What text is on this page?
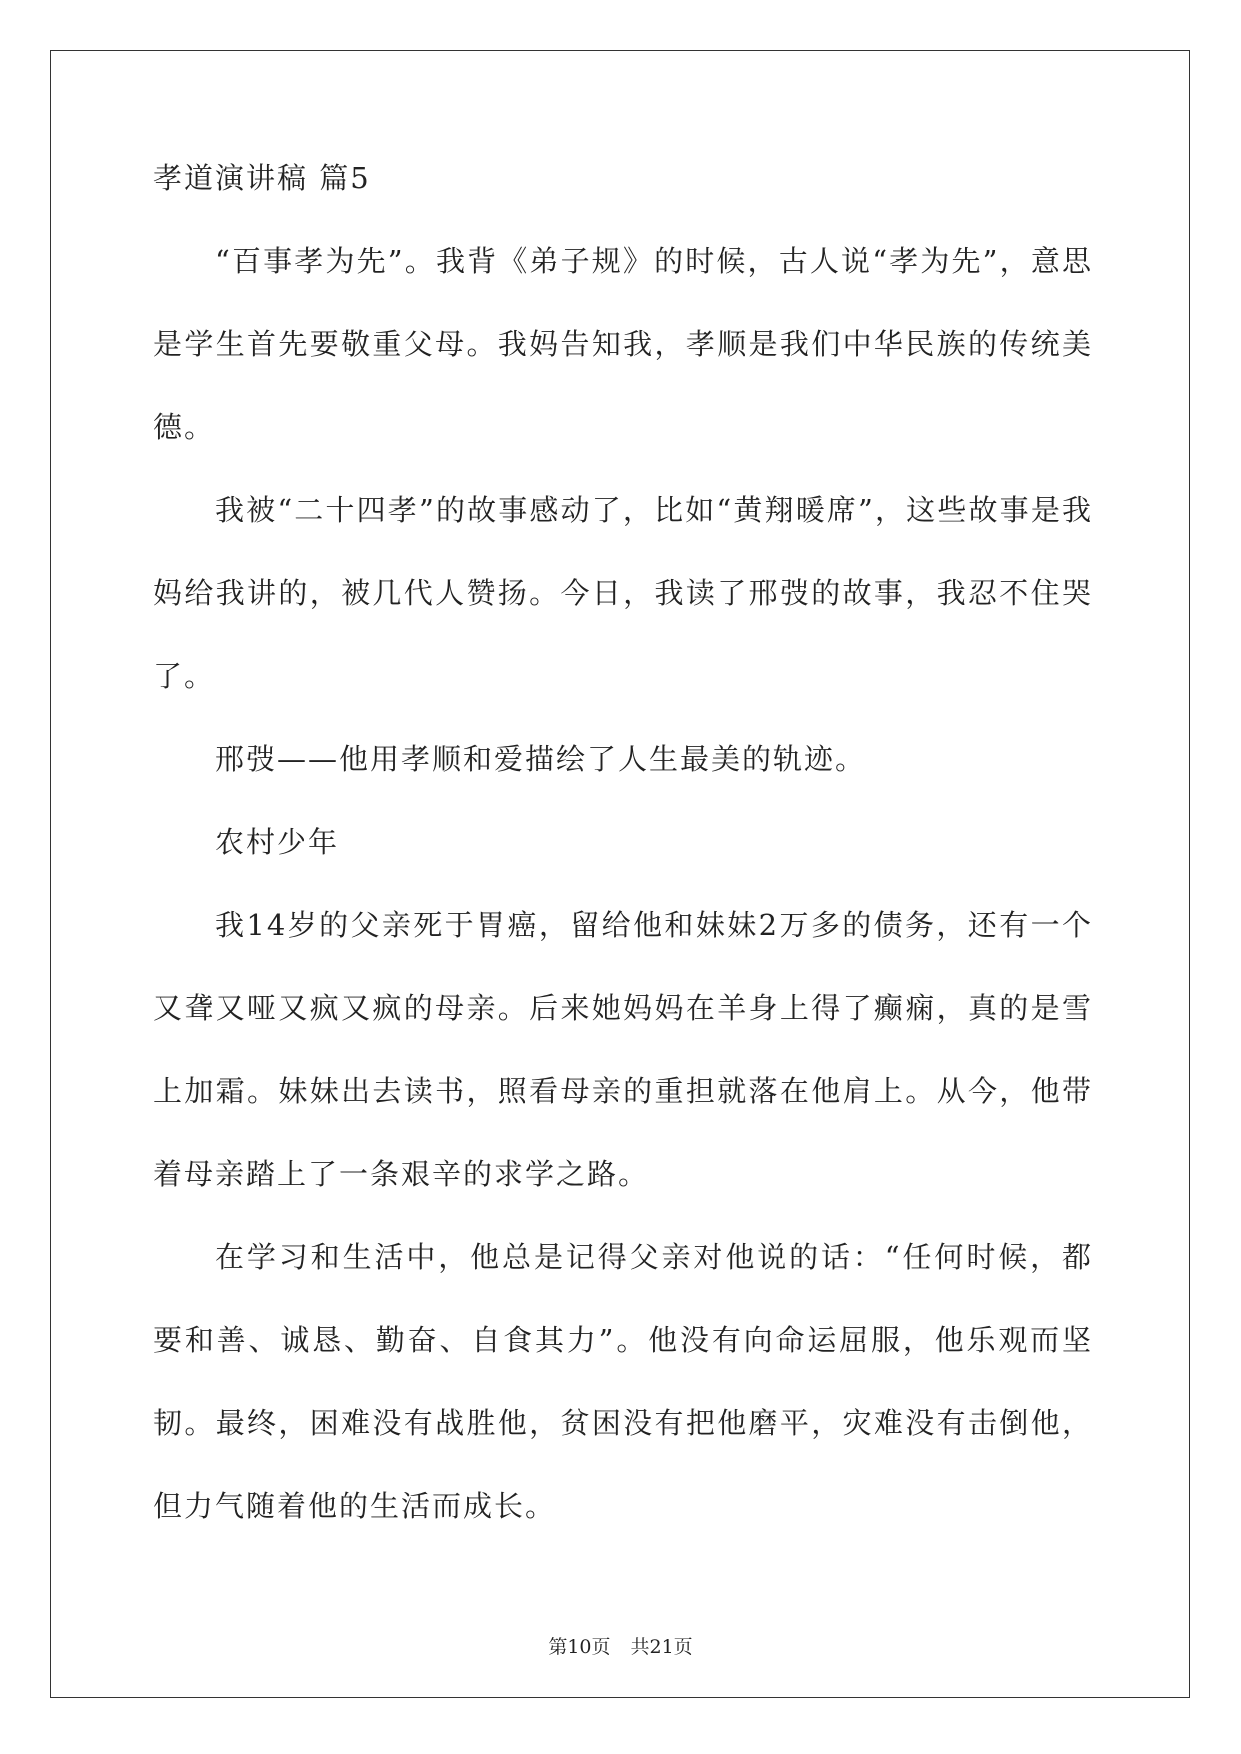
孝道演讲稿 篇5

“百事孝为先”。我背《弟子规》的时候，古人说“孝为先”，意思是学生首先要敬重父母。我妈告知我，孝顺是我们中华民族的传统美德。

我被“二十四孝”的故事感动了，比如“黄翔暖席”，这些故事是我妈给我讲的，被几代人赞扬。今日，我读了邢弢的故事，我忍不住哭了。

邢弢——他用孝顺和爱描绘了人生最美的轨迹。

农村少年

我14岁的父亲死于胃癌，留给他和妹妹2万多的债务，还有一个又聋又哑又疯又疯的母亲。后来她妈妈在羊身上得了癫痫，真的是雪上加霜。妹妹出去读书，照看母亲的重担就落在他肩上。从今，他带着母亲踏上了一条艰辛的求学之路。

在学习和生活中，他总是记得父亲对他说的话：“任何时候，都要和善、诚恳、勤奋、自食其力”。他没有向命运屈服，他乐观而坚韧。最终，困难没有战胜他，贫困没有把他磨平，灾难没有击倒他，但力气随着他的生活而成长。

第10页 共21页
